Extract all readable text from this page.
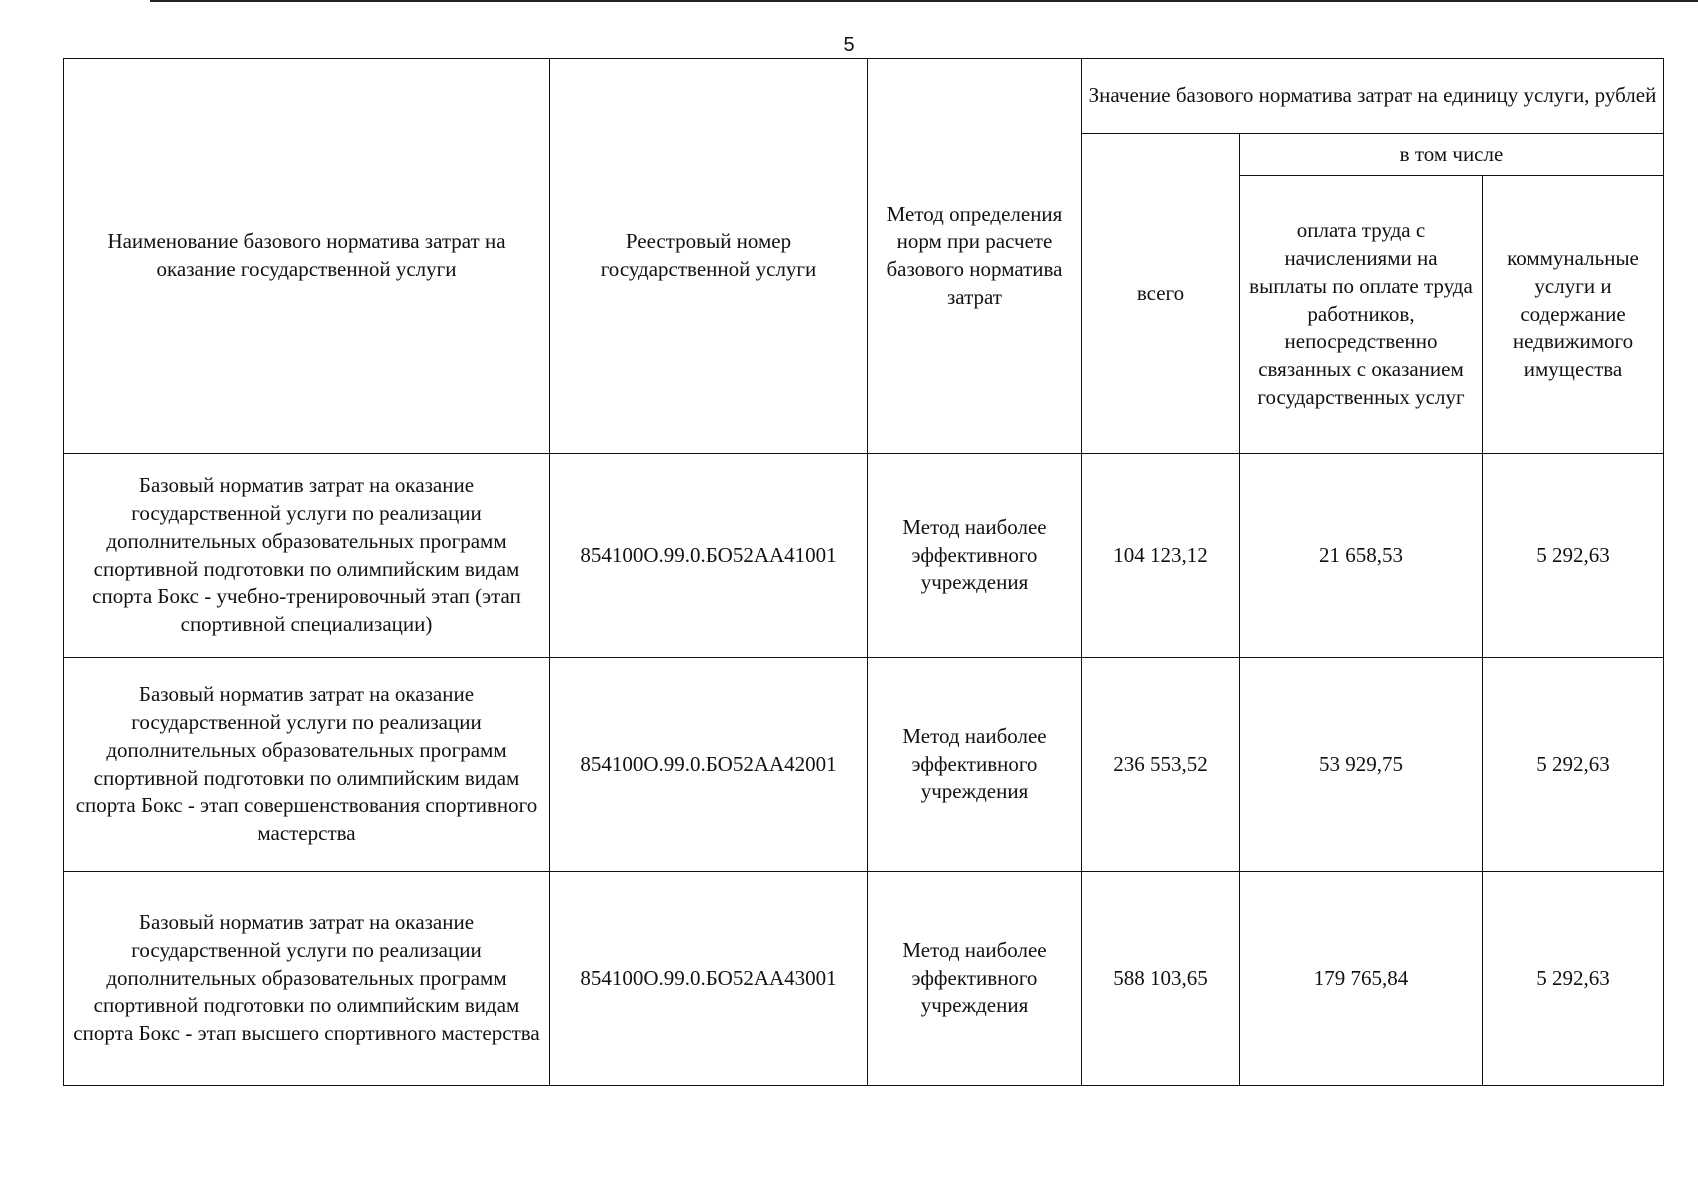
5
Наименование базового норматива затрат на оказание государственной услуги	Реестровый номер государственной услуги	Метод определения норм при расчете базового норматива затрат	Значение базового норматива затрат на единицу услуги, рублей		
			всего	в том числе	
				оплата труда с начислениями на выплаты по оплате труда работников, непосредственно связанных с оказанием государственных услуг	коммунальные услуги и содержание недвижимого имущества
Базовый норматив затрат на оказание государственной услуги по реализации дополнительных образовательных программ спортивной подготовки по олимпийским видам спорта Бокс - учебно-тренировочный этап (этап спортивной специализации)	854100О.99.0.БО52АА41001	Метод наиболее эффективного учреждения	104 123,12	21 658,53	5 292,63
Базовый норматив затрат на оказание государственной услуги по реализации дополнительных образовательных программ спортивной подготовки по олимпийским видам спорта Бокс - этап совершенствования спортивного мастерства	854100О.99.0.БО52АА42001	Метод наиболее эффективного учреждения	236 553,52	53 929,75	5 292,63
Базовый норматив затрат на оказание государственной услуги по реализации дополнительных образовательных программ спортивной подготовки по олимпийским видам спорта Бокс - этап высшего спортивного мастерства	854100О.99.0.БО52АА43001	Метод наиболее эффективного учреждения	588 103,65	179 765,84	5 292,63
